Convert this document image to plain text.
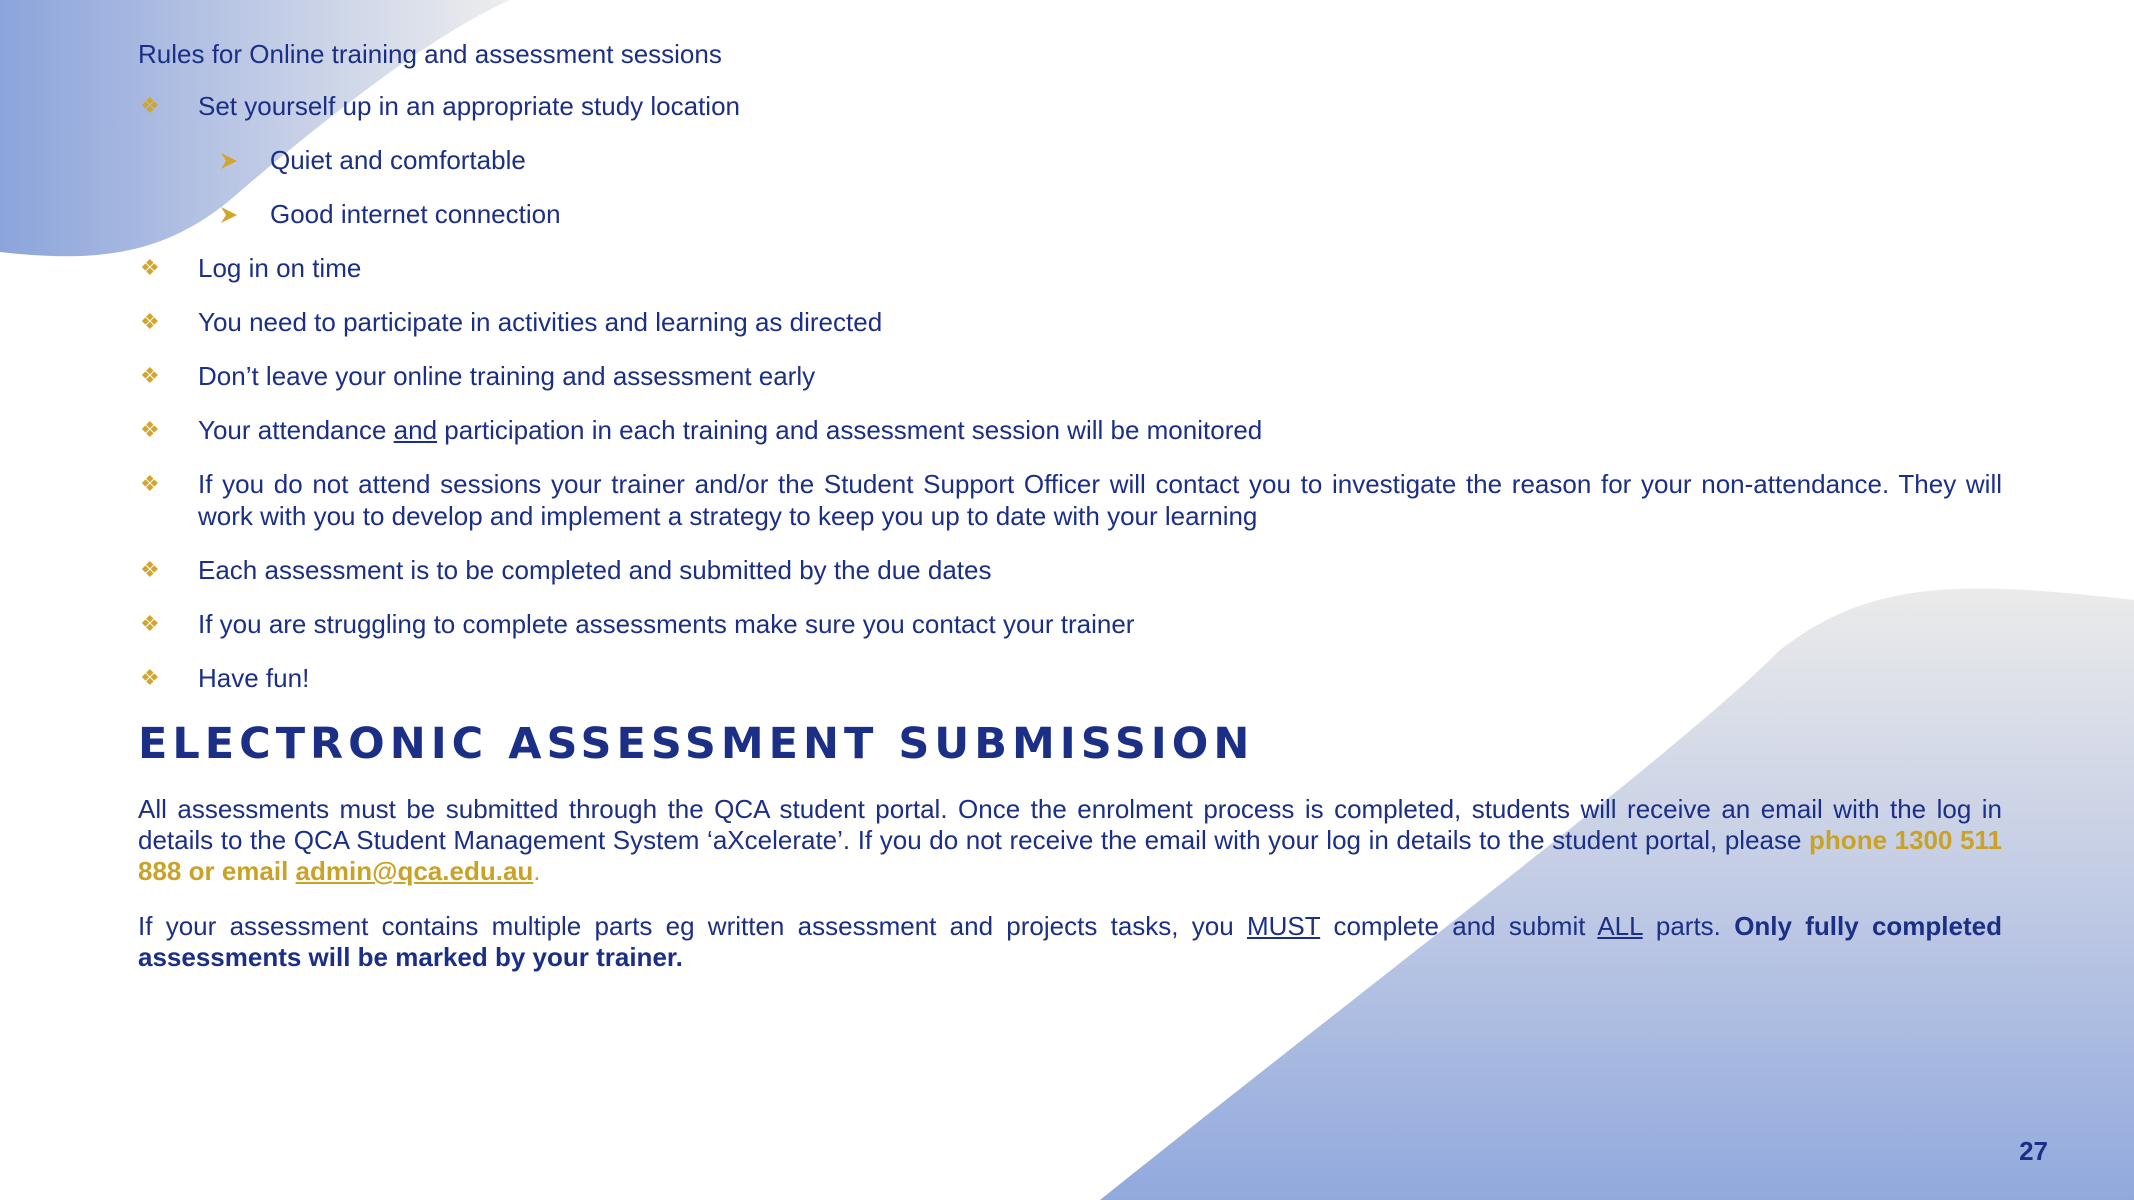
Rules for Online training and assessment sessions
❖ Set yourself up in an appropriate study location
Quiet and comfortable
Good internet connection
❖ Log in on time
❖ You need to participate in activities and learning as directed
❖ Don’t leave your online training and assessment early
❖ Your attendance and participation in each training and assessment session will be monitored
❖ If you do not attend sessions your trainer and/or the Student Support Officer will contact you to investigate the reason for your non-attendance. They will work with you to develop and implement a strategy to keep you up to date with your learning
❖ Each assessment is to be completed and submitted by the due dates
❖ If you are struggling to complete assessments make sure you contact your trainer
❖ Have fun!
ELECTRONIC ASSESSMENT SUBMISSION

All assessments must be submitted through the QCA student portal. Once the enrolment process is completed, students will receive an email with the log in details to the QCA Student Management System ‘aXcelerate’. If you do not receive the email with your log in details to the student portal, please phone 1300 511 888 or email admin@qca.edu.au.

If your assessment contains multiple parts eg written assessment and projects tasks, you MUST complete and submit ALL parts. Only fully completed assessments will be marked by your trainer.

27
